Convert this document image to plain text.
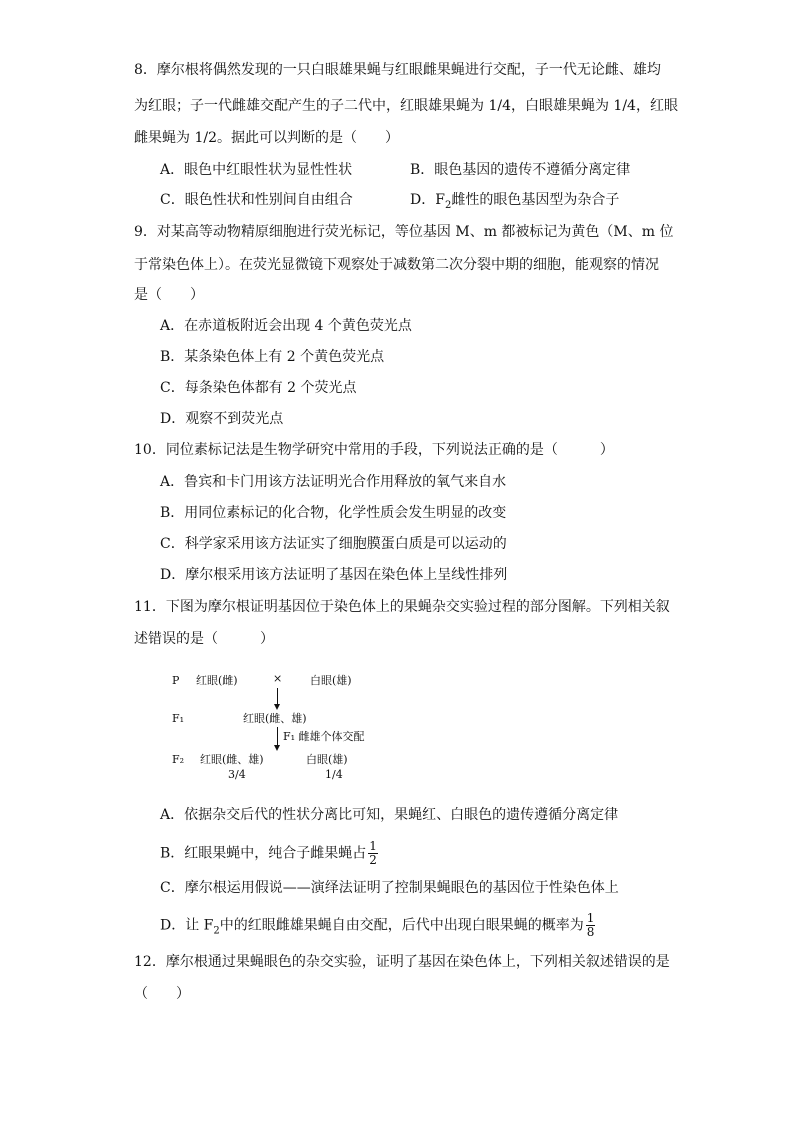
8．摩尔根将偶然发现的一只白眼雄果蝇与红眼雌果蝇进行交配，子一代无论雌、雄均
为红眼；子一代雌雄交配产生的子二代中，红眼雄果蝇为 1/4，白眼雄果蝇为 1/4，红眼
雌果蝇为 1/2。据此可以判断的是（　　）
A．眼色中红眼性状为显性性状	B．眼色基因的遗传不遵循分离定律
C．眼色性状和性别间自由组合	D．$F_2$雌性的眼色基因型为杂合子
9．对某高等动物精原细胞进行荧光标记，等位基因 M、m 都被标记为黄色（M、m 位
于常染色体上）。在荧光显微镜下观察处于减数第二次分裂中期的细胞，能观察的情况
是（　　）
A．在赤道板附近会出现 4 个黄色荧光点
B．某条染色体上有 2 个黄色荧光点
C．每条染色体都有 2 个荧光点
D．观察不到荧光点
10．同位素标记法是生物学研究中常用的手段，下列说法正确的是（　　　）
A．鲁宾和卡门用该方法证明光合作用释放的氧气来自水
B．用同位素标记的化合物，化学性质会发生明显的改变
C．科学家采用该方法证实了细胞膜蛋白质是可以运动的
D．摩尔根采用该方法证明了基因在染色体上呈线性排列
11．下图为摩尔根证明基因位于染色体上的果蝇杂交实验过程的部分图解。下列相关叙
述错误的是（　　　）
P 红眼(雌)	×	白眼(雄)
F₁	红眼(雌、雄)
F₁ 雌雄个体交配
F₂ 红眼(雌、雄)
3/4
白眼(雄)
1/4
A．依据杂交后代的性状分离比可知，果蝇红、白眼色的遗传遵循分离定律
B．红眼果蝇中，纯合子雌果蝇占 $\frac{1}{2}$
C．摩尔根运用假说——演绎法证明了控制果蝇眼色的基因位于性染色体上
D．让 $F_2$中的红眼雌雄果蝇自由交配，后代中出现白眼果蝇的概率为 $\frac{1}{8}$
12．摩尔根通过果蝇眼色的杂交实验，证明了基因在染色体上，下列相关叙述错误的是
（　　）
